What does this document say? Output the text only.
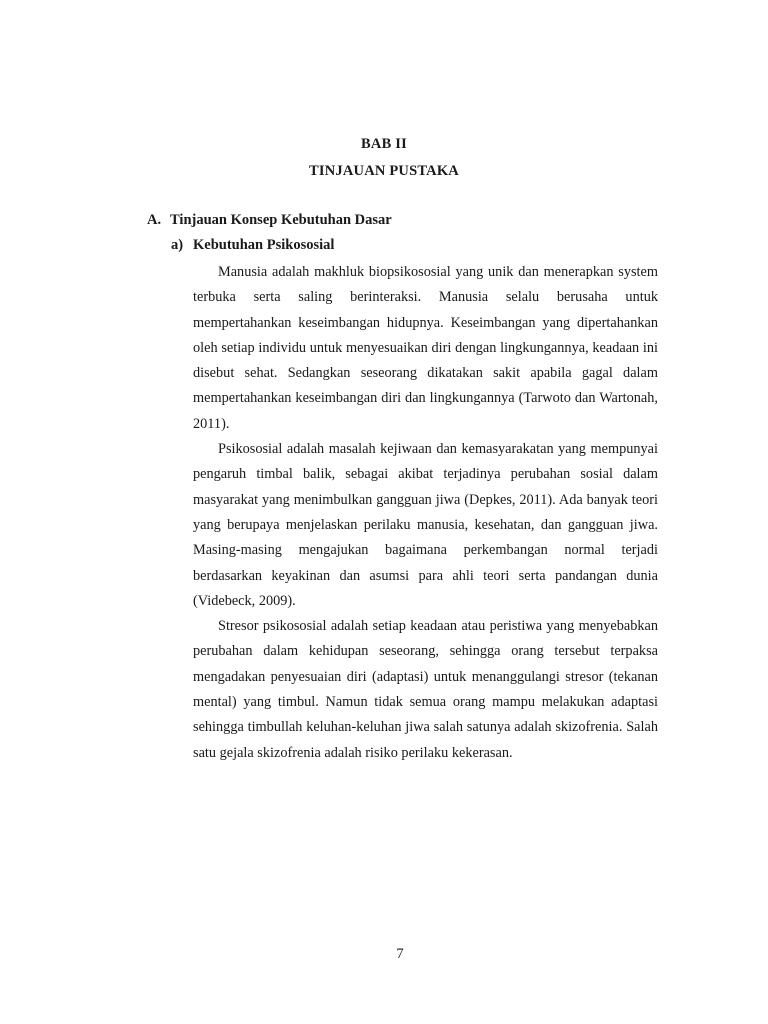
BAB II
TINJAUAN PUSTAKA
A. Tinjauan Konsep Kebutuhan Dasar
a) Kebutuhan Psikososial

Manusia adalah makhluk biopsikososial yang unik dan menerapkan system terbuka serta saling berinteraksi. Manusia selalu berusaha untuk mempertahankan keseimbangan hidupnya. Keseimbangan yang dipertahankan oleh setiap individu untuk menyesuaikan diri dengan lingkungannya, keadaan ini disebut sehat. Sedangkan seseorang dikatakan sakit apabila gagal dalam mempertahankan keseimbangan diri dan lingkungannya (Tarwoto dan Wartonah, 2011).

Psikososial adalah masalah kejiwaan dan kemasyarakatan yang mempunyai pengaruh timbal balik, sebagai akibat terjadinya perubahan sosial dalam masyarakat yang menimbulkan gangguan jiwa (Depkes, 2011). Ada banyak teori yang berupaya menjelaskan perilaku manusia, kesehatan, dan gangguan jiwa. Masing-masing mengajukan bagaimana perkembangan normal terjadi berdasarkan keyakinan dan asumsi para ahli teori serta pandangan dunia (Videbeck, 2009).

Stresor psikososial adalah setiap keadaan atau peristiwa yang menyebabkan perubahan dalam kehidupan seseorang, sehingga orang tersebut terpaksa mengadakan penyesuaian diri (adaptasi) untuk menanggulangi stresor (tekanan mental) yang timbul. Namun tidak semua orang mampu melakukan adaptasi sehingga timbullah keluhan-keluhan jiwa salah satunya adalah skizofrenia. Salah satu gejala skizofrenia adalah risiko perilaku kekerasan.

7
